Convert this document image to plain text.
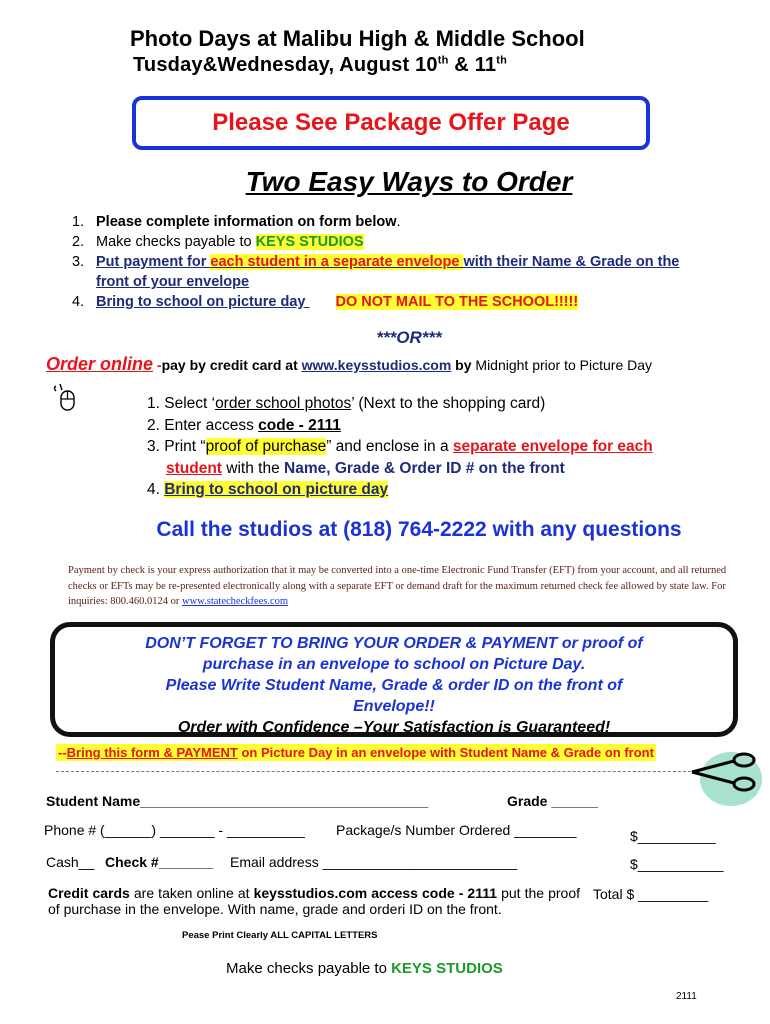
Photo Days at Malibu High & Middle School
Tusday&Wednesday, August 10th & 11th
Please See Package Offer Page
Two Easy Ways to Order
1. Please complete information on form below.
2. Make checks payable to KEYS STUDIOS
3. Put payment for each student in a separate envelope with their Name & Grade on the
front of your envelope
4. Bring to school on picture day DO NOT MAIL TO THE SCHOOL!!!!!
***OR***
Order online -pay by credit card at www.keysstudios.com by Midnight prior to Picture Day
1. Select ‘order school photos’ (Next to the shopping card)
2. Enter access code - 2111
3. Print “proof of purchase” and enclose in a separate envelope for each
student with the Name, Grade & Order ID # on the front
4. Bring to school on picture day
Call the studios at (818) 764-2222 with any questions
Payment by check is your express authorization that it may be converted into a one-time Electronic Fund Transfer (EFT) from your account, and all returned checks or EFTs may be re-presented electronically along with a separate EFT or demand draft for the maximum returned check fee allowed by state law. For inquiries: 800.460.0124 or www.statecheckfees.com
DON’T FORGET TO BRING YOUR ORDER & PAYMENT or proof of
purchase in an envelope to school on Picture Day.
Please Write Student Name, Grade & order ID on the front of
Envelope!!
Order with Confidence –Your Satisfaction is Guaranteed!
--Bring this form & PAYMENT on Picture Day in an envelope with Student Name & Grade on front
Student Name_____________________________________	Grade ______
Phone # (______) _______ - __________ Package/s Number Ordered ________	$__________
Cash__ Check #_______ Email address _________________________	$___________
Credit cards are taken online at keysstudios.com access code - 2111 put the proof of purchase in the envelope. With name, grade and orderi ID on the front.
Total $ _________
Pease Print Clearly ALL CAPITAL LETTERS
Make checks payable to KEYS STUDIOS
2111
